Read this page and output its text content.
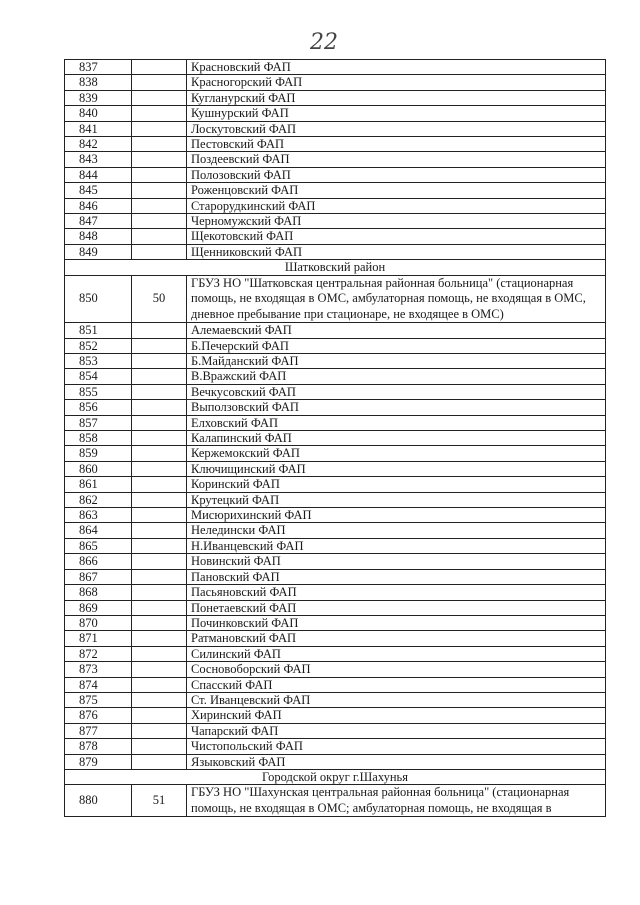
22
837		Красновский ФАП
838		Красногорский ФАП
839		Кугланурский ФАП
840		Кушнурский ФАП
841		Лоскутовский ФАП
842		Пестовский ФАП
843		Поздеевский ФАП
844		Полозовский ФАП
845		Роженцовский ФАП
846		Старорудкинский ФАП
847		Черномужский ФАП
848		Щекотовский ФАП
849		Щенниковский ФАП
Шатковский район		
850	50	ГБУЗ НО "Шатковская центральная районная больница" (стационарная помощь, не входящая в ОМС, амбулаторная помощь, не входящая в ОМС, дневное пребывание при стационаре, не входящее в ОМС)
851		Алемаевский ФАП
852		Б.Печерский ФАП
853		Б.Майданский ФАП
854		В.Вражский ФАП
855		Вечкусовский ФАП
856		Выползовский ФАП
857		Елховский ФАП
858		Калапинский ФАП
859		Кержемокский ФАП
860		Ключищинский ФАП
861		Коринский ФАП
862		Крутецкий ФАП
863		Мисюрихинский ФАП
864		Неледински ФАП
865		Н.Иванцевский ФАП
866		Новинский ФАП
867		Пановский ФАП
868		Пасьяновский ФАП
869		Понетаевский ФАП
870		Починковский ФАП
871		Ратмановский ФАП
872		Силинский ФАП
873		Сосновоборский ФАП
874		Спасский ФАП
875		Ст. Иванцевский ФАП
876		Хиринский ФАП
877		Чапарский ФАП
878		Чистопольский ФАП
879		Языковский ФАП
Городской округ г.Шахунья		
880	51	ГБУЗ НО "Шахунская центральная районная больница" (стационарная помощь, не входящая в ОМС; амбулаторная помощь, не входящая в
